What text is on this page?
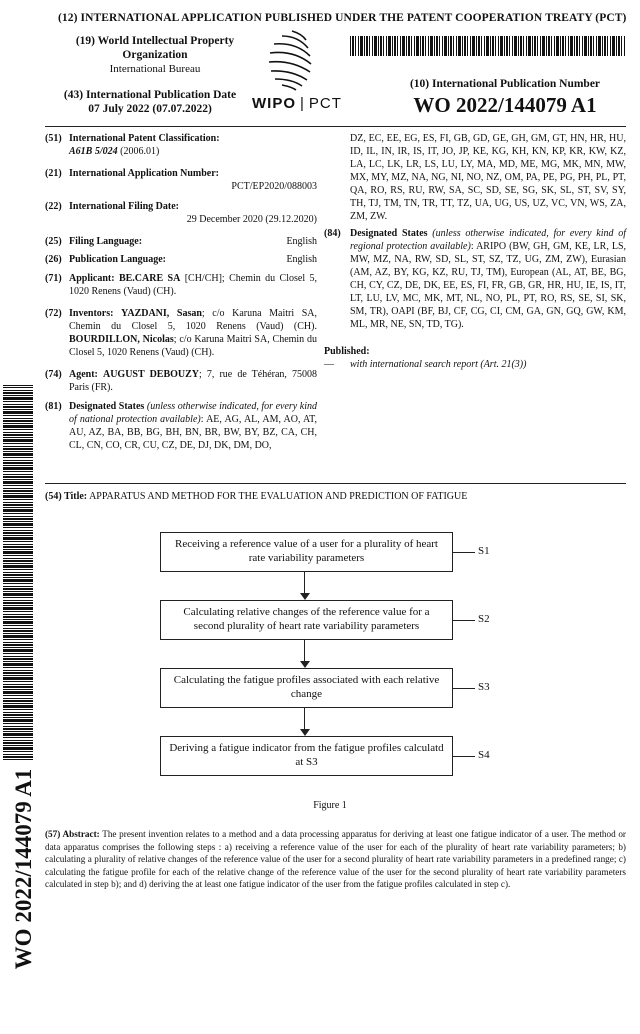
(12) INTERNATIONAL APPLICATION PUBLISHED UNDER THE PATENT COOPERATION TREATY (PCT)
(19) World Intellectual Property
Organization
International Bureau
(43) International Publication Date
07 July 2022 (07.07.2022)	WIPO | PCT
(10) International Publication Number
WO 2022/144079 A1
(51) International Patent Classification:
A61B 5/024 (2006.01)
(21) International Application Number:
PCT/EP2020/088003
(22) International Filing Date:
29 December 2020 (29.12.2020)
(25) Filing Language:	English
(26) Publication Language:	English
(71) Applicant: BE.CARE SA [CH/CH]; Chemin du Closel 5, 1020 Renens (Vaud) (CH).
(72) Inventors: YAZDANI, Sasan; c/o Karuna Maitri SA, Chemin du Closel 5, 1020 Renens (Vaud) (CH). BOURDILLON, Nicolas; c/o Karuna Maitri SA, Chemin du Closel 5, 1020 Renens (Vaud) (CH).
(74) Agent: AUGUST DEBOUZY; 7, rue de Téhéran, 75008 Paris (FR).
(81) Designated States (unless otherwise indicated, for every kind of national protection available): AE, AG, AL, AM, AO, AT, AU, AZ, BA, BB, BG, BH, BN, BR, BW, BY, BZ, CA, CH, CL, CN, CO, CR, CU, CZ, DE, DJ, DK, DM, DO,
DZ, EC, EE, EG, ES, FI, GB, GD, GE, GH, GM, GT, HN, HR, HU, ID, IL, IN, IR, IS, IT, JO, JP, KE, KG, KH, KN, KP, KR, KW, KZ, LA, LC, LK, LR, LS, LU, LY, MA, MD, ME, MG, MK, MN, MW, MX, MY, MZ, NA, NG, NI, NO, NZ, OM, PA, PE, PG, PH, PL, PT, QA, RO, RS, RU, RW, SA, SC, SD, SE, SG, SK, SL, ST, SV, SY, TH, TJ, TM, TN, TR, TT, TZ, UA, UG, US, UZ, VC, VN, WS, ZA, ZM, ZW.
(84) Designated States (unless otherwise indicated, for every kind of regional protection available): ARIPO (BW, GH, GM, KE, LR, LS, MW, MZ, NA, RW, SD, SL, ST, SZ, TZ, UG, ZM, ZW), Eurasian (AM, AZ, BY, KG, KZ, RU, TJ, TM), European (AL, AT, BE, BG, CH, CY, CZ, DE, DK, EE, ES, FI, FR, GB, GR, HR, HU, IE, IS, IT, LT, LU, LV, MC, MK, MT, NL, NO, PL, PT, RO, RS, SE, SI, SK, SM, TR), OAPI (BF, BJ, CF, CG, CI, CM, GA, GN, GQ, GW, KM, ML, MR, NE, SN, TD, TG).
Published:
— with international search report (Art. 21(3))
WO 2022/144079 A1
(54) Title: APPARATUS AND METHOD FOR THE EVALUATION AND PREDICTION OF FATIGUE
Receiving a reference value of a user for a plurality of heart rate variability parameters
S1
Calculating relative changes of the reference value for a second plurality of heart rate variability parameters
S2
Calculating the fatigue profiles associated with each relative change
S3
Deriving a fatigue indicator from the fatigue profiles calculatd at S3
S4
Figure 1
(57) Abstract: The present invention relates to a method and a data processing apparatus for deriving at least one fatigue indicator of a user. The method or data apparatus comprises the following steps : a) receiving a reference value of the user for each of the plurality of heart rate variability parameters; b) calculating a plurality of relative changes of the reference value of the user for a second plurality of heart rate variability parameters in a predefined range; c) calculating the fatigue profile for each of the relative change of the reference value of the user for the second plurality of heart rate variability parameters calculated in step b); and d) deriving the at least one fatigue indicator of the user from the fatigue profiles calculated in step c).
